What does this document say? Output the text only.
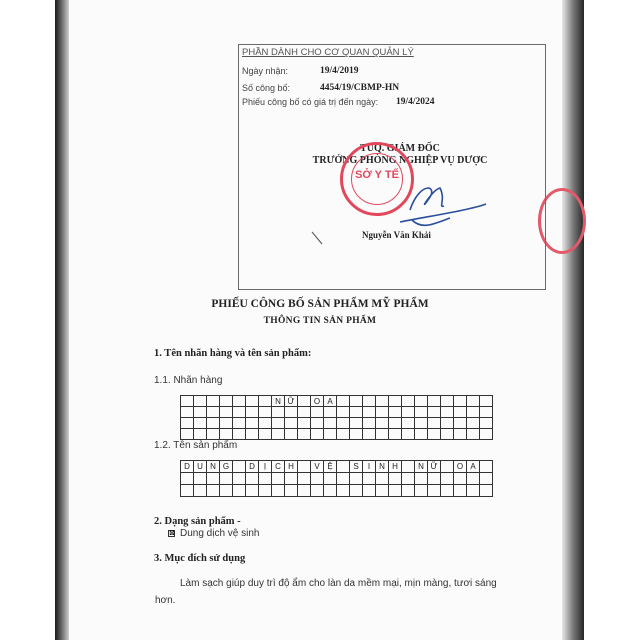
PHẦN DÀNH CHO CƠ QUAN QUẢN LÝ
Ngày nhận:	19/4/2019
Số công bố:	4454/19/CBMP-HN
Phiếu công bố có giá trị đến ngày: 19/4/2024
TUQ. GIÁM ĐỐC
TRƯỞNG PHÒNG NGHIỆP VỤ DƯỢC
SỞ Y TẾ
Nguyễn Văn Khải
PHIẾU CÔNG BỐ SẢN PHẨM MỸ PHẨM
THÔNG TIN SẢN PHẨM
1. Tên nhãn hàng và tên sản phẩm:
1.1. Nhãn hàng
N Ữ	O A
1.2. Tên sản phẩm
D U N G	D	Ị	C H	V Ệ	S	I	N H	N Ữ	O A
2. Dạng sản phẩm -
⊠ Dung dịch vệ sinh
3. Mục đích sử dụng
Làm sạch giúp duy trì độ ẩm cho làn da mềm mại, mịn màng, tươi sáng
hơn.
